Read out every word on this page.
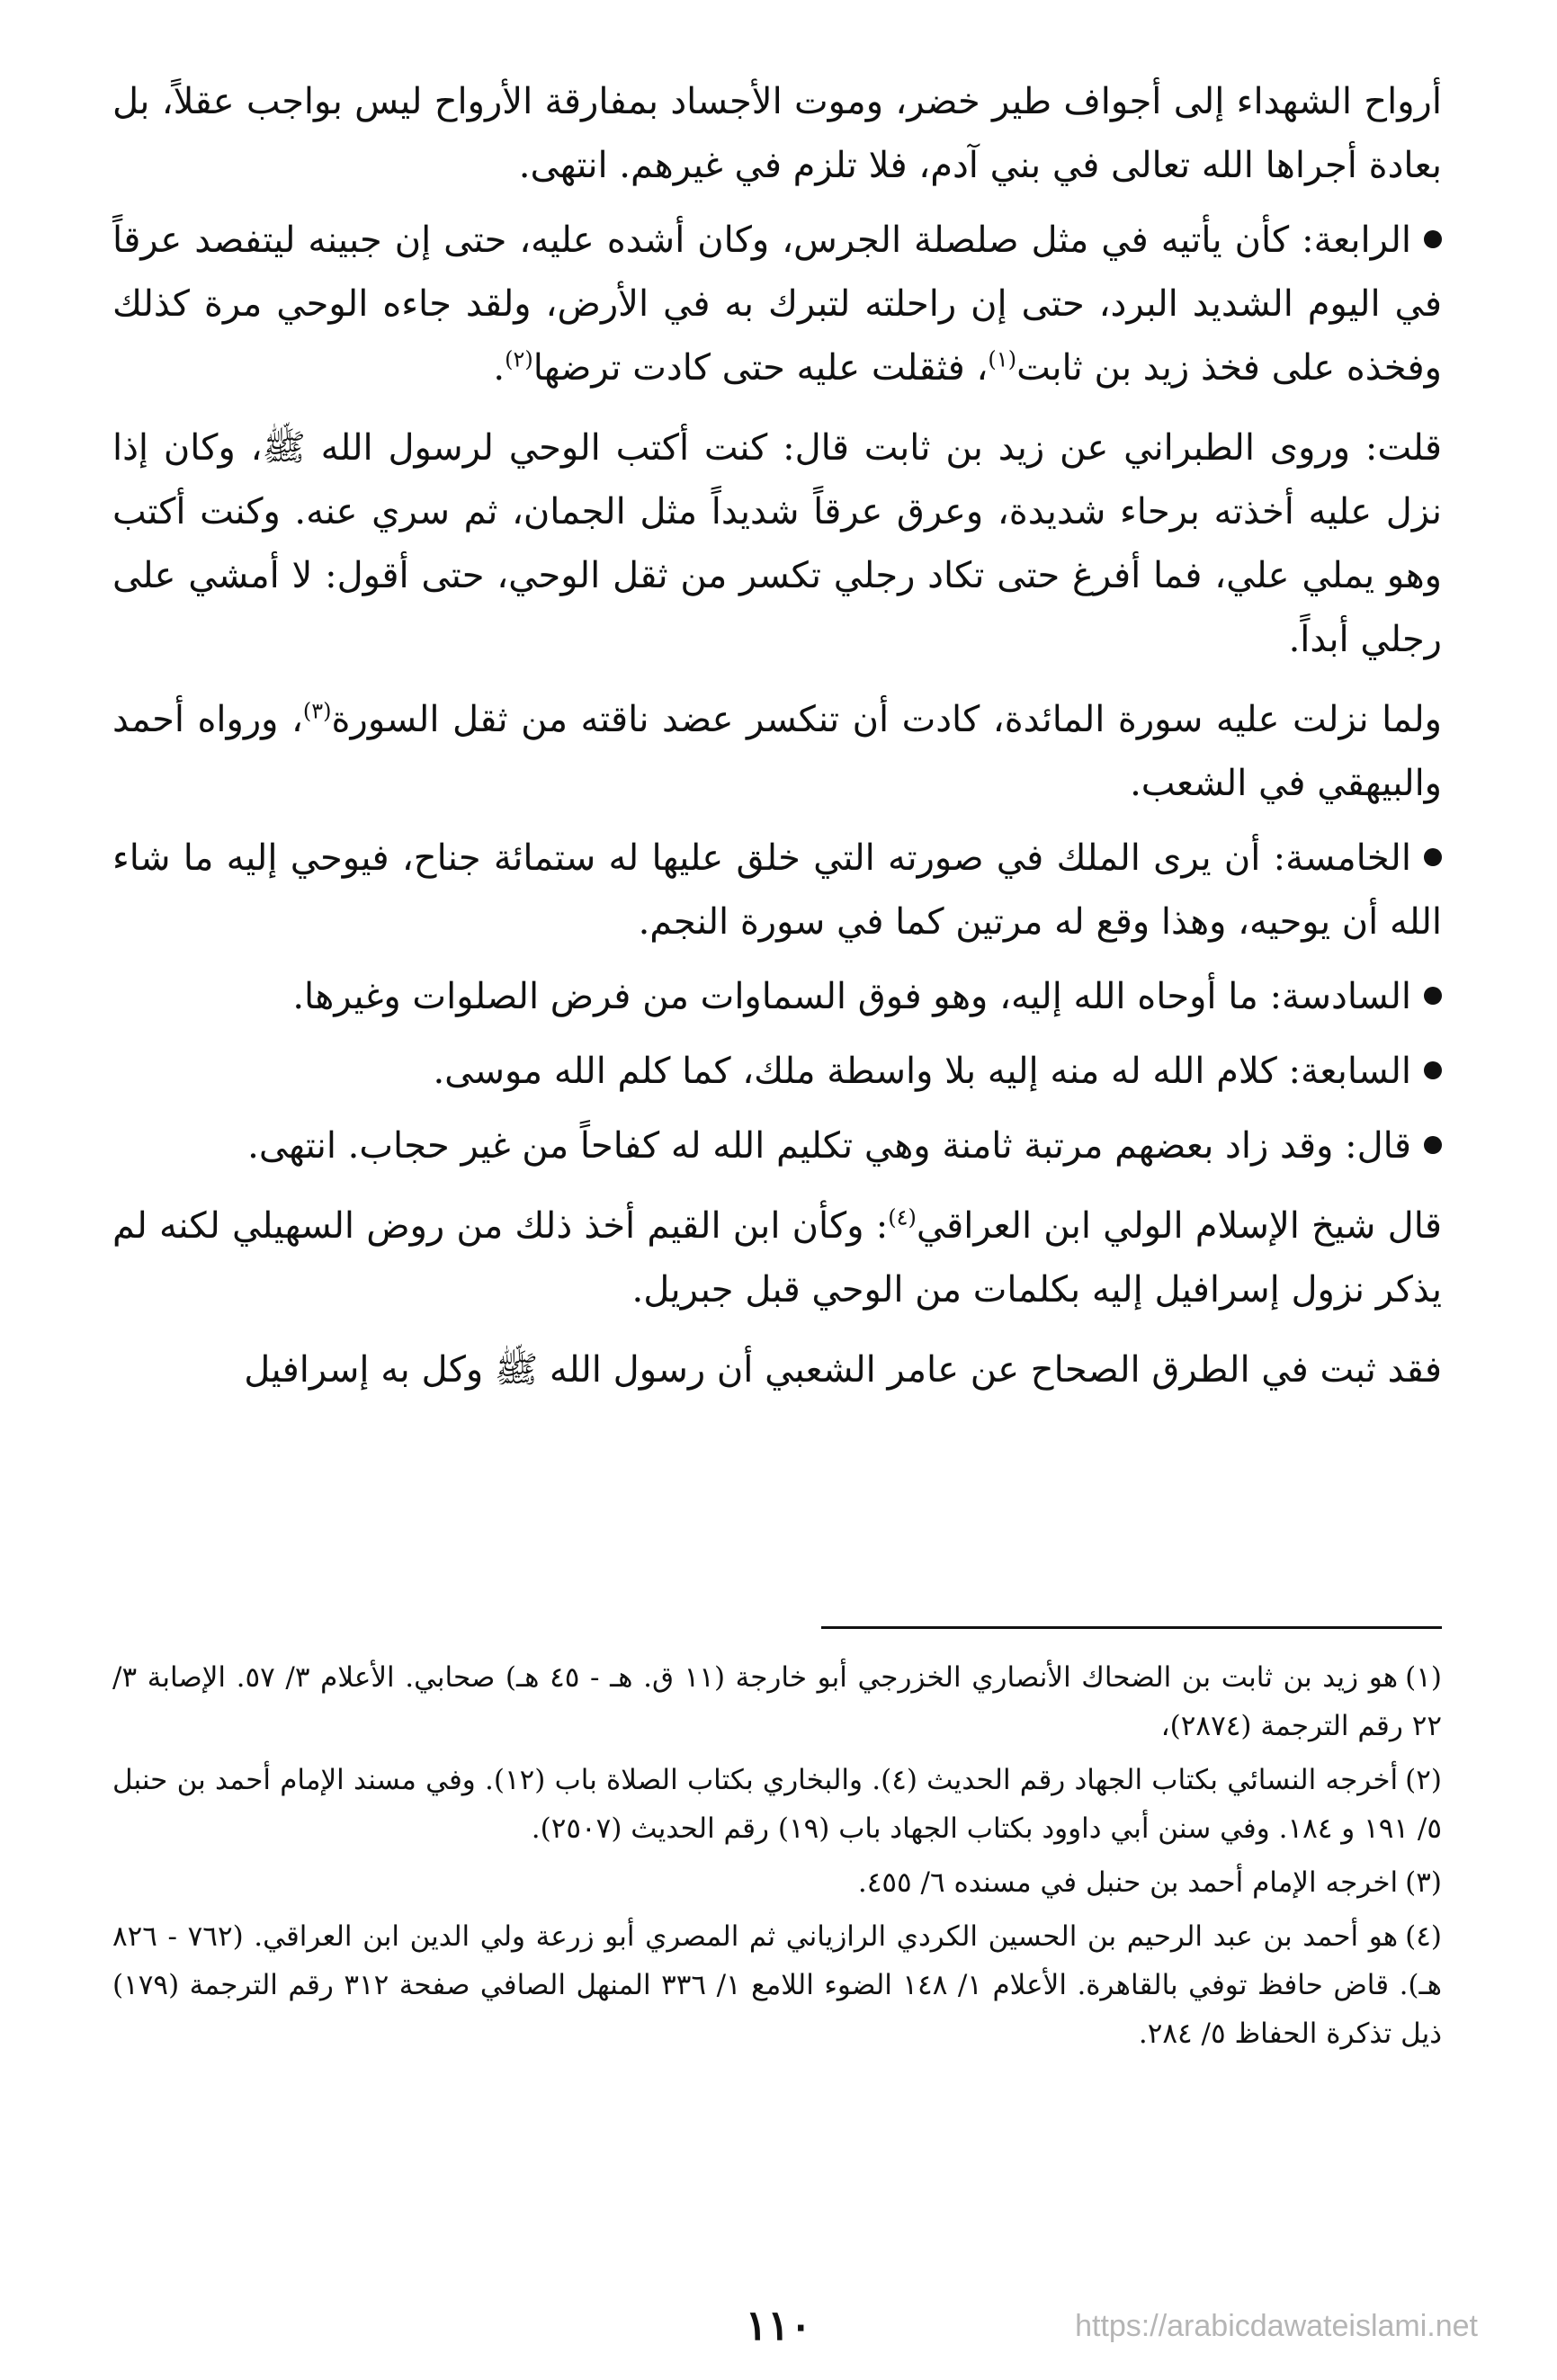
أرواح الشهداء إلى أجواف طير خضر، وموت الأجساد بمفارقة الأرواح ليس بواجب عقلاً، بل بعادة أجراها الله تعالى في بني آدم، فلا تلزم في غيرهم. انتهى.

الرابعة: كأن يأتيه في مثل صلصلة الجرس، وكان أشده عليه، حتى إن جبينه ليتفصد عرقاً في اليوم الشديد البرد، حتى إن راحلته لتبرك به في الأرض، ولقد جاءه الوحي مرة كذلك وفخذه على فخذ زيد بن ثابت$^{(١)}$، فثقلت عليه حتى كادت ترضها$^{(٢)}$.

قلت: وروى الطبراني عن زيد بن ثابت قال: كنت أكتب الوحي لرسول الله ﷺ، وكان إذا نزل عليه أخذته برحاء شديدة، وعرق عرقاً شديداً مثل الجمان، ثم سري عنه. وكنت أكتب وهو يملي علي، فما أفرغ حتى تكاد رجلي تكسر من ثقل الوحي، حتى أقول: لا أمشي على رجلي أبداً.

ولما نزلت عليه سورة المائدة، كادت أن تنكسر عضد ناقته من ثقل السورة$^{(٣)}$، ورواه أحمد والبيهقي في الشعب.

الخامسة: أن يرى الملك في صورته التي خلق عليها له ستمائة جناح، فيوحي إليه ما شاء الله أن يوحيه، وهذا وقع له مرتين كما في سورة النجم.

السادسة: ما أوحاه الله إليه، وهو فوق السماوات من فرض الصلوات وغيرها.

السابعة: كلام الله له منه إليه بلا واسطة ملك، كما كلم الله موسى.

قال: وقد زاد بعضهم مرتبة ثامنة وهي تكليم الله له كفاحاً من غير حجاب. انتهى.

قال شيخ الإسلام الولي ابن العراقي$^{(٤)}$: وكأن ابن القيم أخذ ذلك من روض السهيلي لكنه لم يذكر نزول إسرافيل إليه بكلمات من الوحي قبل جبريل.

فقد ثبت في الطرق الصحاح عن عامر الشعبي أن رسول الله ﷺ وكل به إسرافيل

(١)هو زيد بن ثابت بن الضحاك الأنصاري الخزرجي أبو خارجة (١١ ق. هـ - ٤٥ هـ) صحابي. الأعلام ٣/ ٥٧. الإصابة ٣/ ٢٢ رقم الترجمة (٢٨٧٤)،

(٢)أخرجه النسائي بكتاب الجهاد رقم الحديث (٤). والبخاري بكتاب الصلاة باب (١٢). وفي مسند الإمام أحمد بن حنبل ٥/ ١٩١ و ١٨٤. وفي سنن أبي داوود بكتاب الجهاد باب (١٩) رقم الحديث (٢٥٠٧).

(٣)اخرجه الإمام أحمد بن حنبل في مسنده ٦/ ٤٥٥.

(٤)هو أحمد بن عبد الرحيم بن الحسين الكردي الرازياني ثم المصري أبو زرعة ولي الدين ابن العراقي. (٧٦٢ - ٨٢٦ هـ). قاض حافظ توفي بالقاهرة. الأعلام ١/ ١٤٨ الضوء اللامع ١/ ٣٣٦ المنهل الصافي صفحة ٣١٢ رقم الترجمة (١٧٩) ذيل تذكرة الحفاظ ٥/ ٢٨٤.

١١٠	https://arabicdawateislami.net
